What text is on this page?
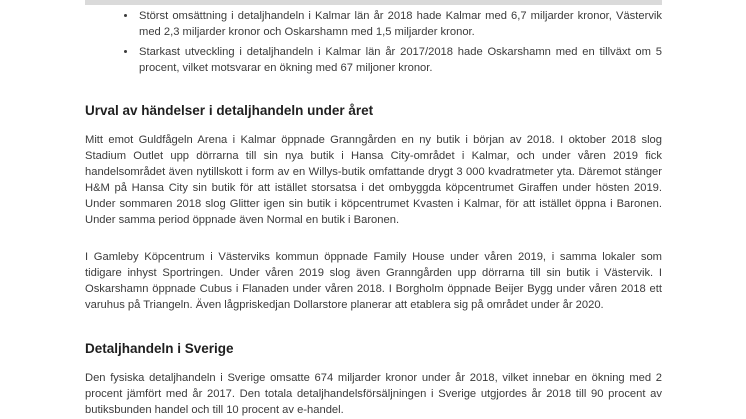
• Störst omsättning i detaljhandeln i Kalmar län år 2018 hade Kalmar med 6,7 miljarder kronor, Västervik med 2,3 miljarder kronor och Oskarshamn med 1,5 miljarder kronor.
• Starkast utveckling i detaljhandeln i Kalmar län år 2017/2018 hade Oskarshamn med en tillväxt om 5 procent, vilket motsvarar en ökning med 67 miljoner kronor.
Urval av händelser i detaljhandeln under året

Mitt emot Guldfågeln Arena i Kalmar öppnade Granngården en ny butik i början av 2018. I oktober 2018 slog Stadium Outlet upp dörrarna till sin nya butik i Hansa City-området i Kalmar, och under våren 2019 fick handelsområdet även nytillskott i form av en Willys-butik omfattande drygt 3 000 kvadratmeter yta. Däremot stänger H&M på Hansa City sin butik för att istället storsatsa i det ombyggda köpcentrumet Giraffen under hösten 2019. Under sommaren 2018 slog Glitter igen sin butik i köpcentrumet Kvasten i Kalmar, för att istället öppna i Baronen. Under samma period öppnade även Normal en butik i Baronen.

I Gamleby Köpcentrum i Västerviks kommun öppnade Family House under våren 2019, i samma lokaler som tidigare inhyst Sportringen. Under våren 2019 slog även Granngården upp dörrarna till sin butik i Västervik. I Oskarshamn öppnade Cubus i Flanaden under våren 2018. I Borgholm öppnade Beijer Bygg under våren 2018 ett varuhus på Triangeln. Även lågpriskedjan Dollarstore planerar att etablera sig på området under år 2020.

Detaljhandeln i Sverige

Den fysiska detaljhandeln i Sverige omsatte 674 miljarder kronor under år 2018, vilket innebar en ökning med 2 procent jämfört med år 2017. Den totala detaljhandelsförsäljningen i Sverige utgjordes år 2018 till 90 procent av butiksbunden handel och till 10 procent av e-handel.
